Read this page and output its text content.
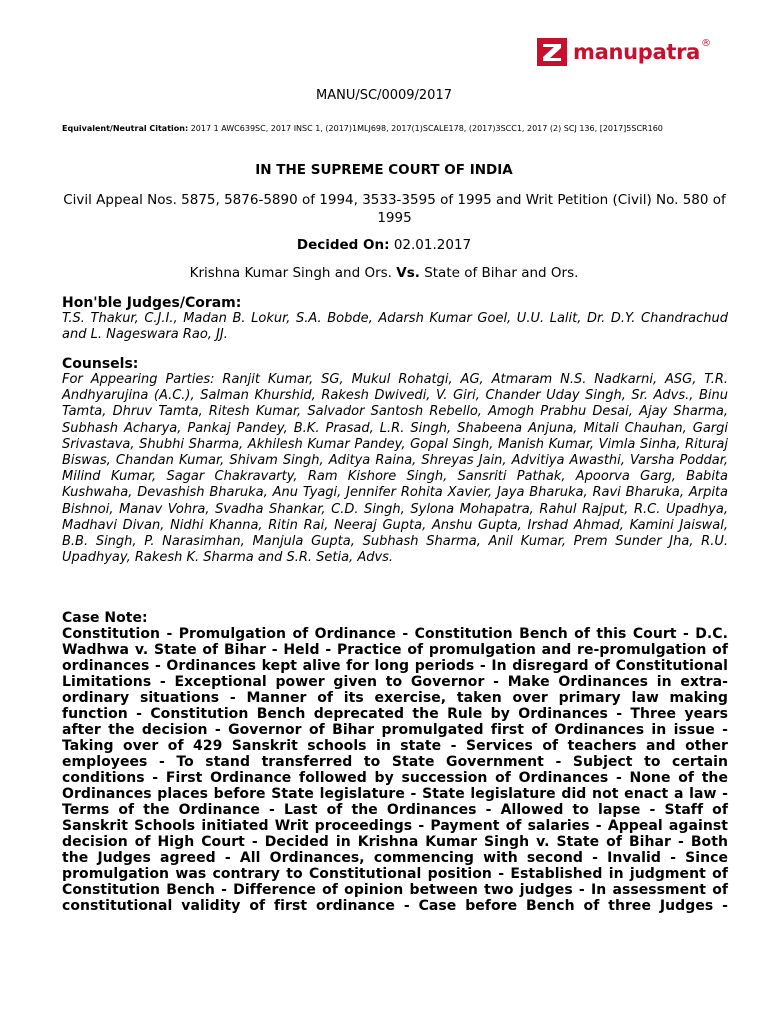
manupatra ®
MANU/SC/0009/2017
Equivalent/Neutral Citation: 2017 1 AWC639SC, 2017 INSC 1, (2017)1MLJ698, 2017(1)SCALE178, (2017)3SCC1, 2017 (2) SCJ 136, [2017]5SCR160
IN THE SUPREME COURT OF INDIA
Civil Appeal Nos. 5875, 5876-5890 of 1994, 3533-3595 of 1995 and Writ Petition (Civil) No. 580 of 1995
Decided On: 02.01.2017
Krishna Kumar Singh and Ors. Vs. State of Bihar and Ors.
Hon'ble Judges/Coram:
T.S. Thakur, C.J.I., Madan B. Lokur, S.A. Bobde, Adarsh Kumar Goel, U.U. Lalit, Dr. D.Y. Chandrachud and L. Nageswara Rao, JJ.
Counsels:
For Appearing Parties: Ranjit Kumar, SG, Mukul Rohatgi, AG, Atmaram N.S. Nadkarni, ASG, T.R. Andhyarujina (A.C.), Salman Khurshid, Rakesh Dwivedi, V. Giri, Chander Uday Singh, Sr. Advs., Binu Tamta, Dhruv Tamta, Ritesh Kumar, Salvador Santosh Rebello, Amogh Prabhu Desai, Ajay Sharma, Subhash Acharya, Pankaj Pandey, B.K. Prasad, L.R. Singh, Shabeena Anjuna, Mitali Chauhan, Gargi Srivastava, Shubhi Sharma, Akhilesh Kumar Pandey, Gopal Singh, Manish Kumar, Vimla Sinha, Rituraj Biswas, Chandan Kumar, Shivam Singh, Aditya Raina, Shreyas Jain, Advitiya Awasthi, Varsha Poddar, Milind Kumar, Sagar Chakravarty, Ram Kishore Singh, Sansriti Pathak, Apoorva Garg, Babita Kushwaha, Devashish Bharuka, Anu Tyagi, Jennifer Rohita Xavier, Jaya Bharuka, Ravi Bharuka, Arpita Bishnoi, Manav Vohra, Svadha Shankar, C.D. Singh, Sylona Mohapatra, Rahul Rajput, R.C. Upadhya, Madhavi Divan, Nidhi Khanna, Ritin Rai, Neeraj Gupta, Anshu Gupta, Irshad Ahmad, Kamini Jaiswal, B.B. Singh, P. Narasimhan, Manjula Gupta, Subhash Sharma, Anil Kumar, Prem Sunder Jha, R.U. Upadhyay, Rakesh K. Sharma and S.R. Setia, Advs.
Case Note:
Constitution - Promulgation of Ordinance - Constitution Bench of this Court - D.C. Wadhwa v. State of Bihar - Held - Practice of promulgation and re-promulgation of ordinances - Ordinances kept alive for long periods - In disregard of Constitutional Limitations - Exceptional power given to Governor - Make Ordinances in extra-ordinary situations - Manner of its exercise, taken over primary law making function - Constitution Bench deprecated the Rule by Ordinances - Three years after the decision - Governor of Bihar promulgated first of Ordinances in issue - Taking over of 429 Sanskrit schools in state - Services of teachers and other employees - To stand transferred to State Government - Subject to certain conditions - First Ordinance followed by succession of Ordinances - None of the Ordinances places before State legislature - State legislature did not enact a law - Terms of the Ordinance - Last of the Ordinances - Allowed to lapse - Staff of Sanskrit Schools initiated Writ proceedings - Payment of salaries - Appeal against decision of High Court - Decided in Krishna Kumar Singh v. State of Bihar - Both the Judges agreed - All Ordinances, commencing with second - Invalid - Since promulgation was contrary to Constitutional position - Established in judgment of Constitution Bench - Difference of opinion between two judges - In assessment of constitutional validity of first ordinance - Case before Bench of three Judges -
